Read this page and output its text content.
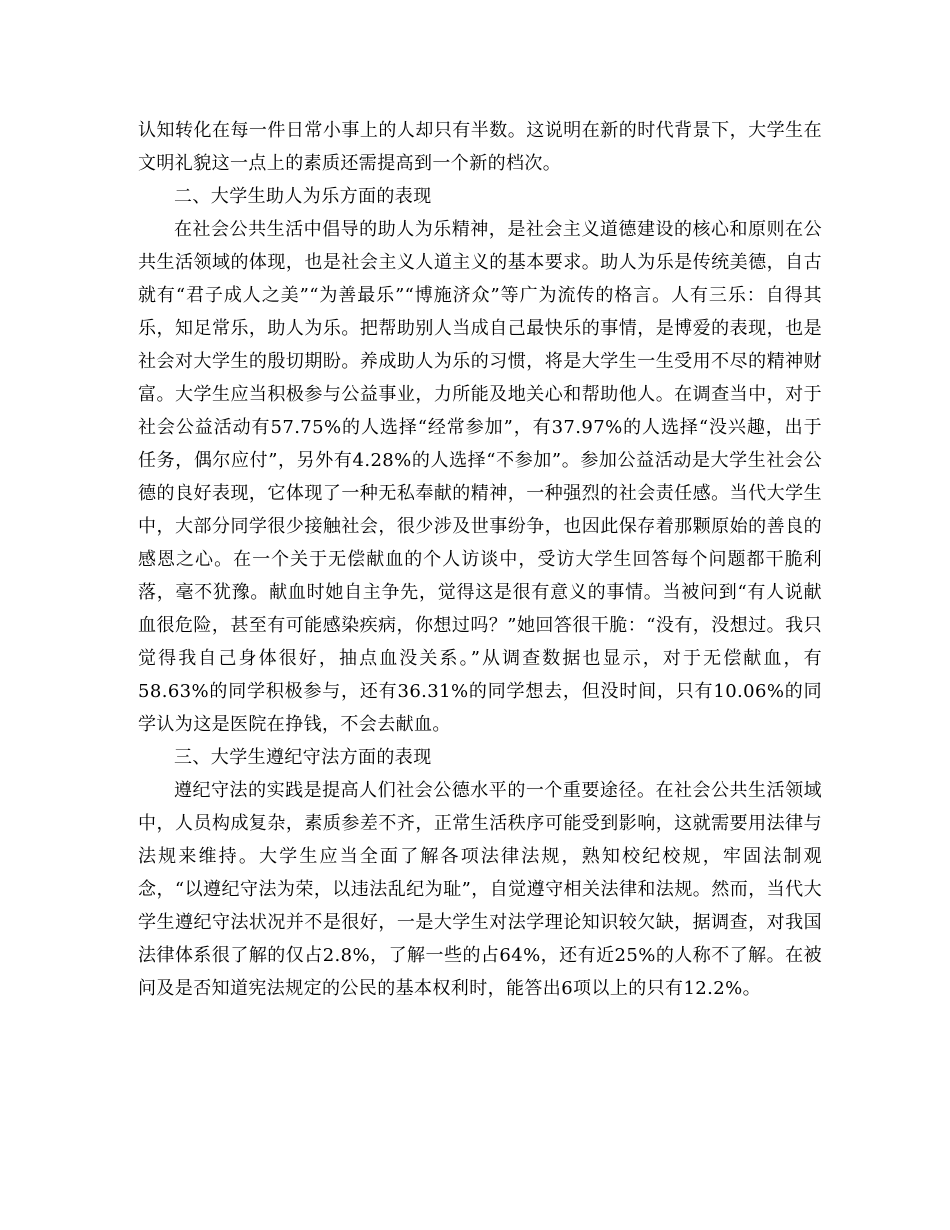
认知转化在每一件日常小事上的人却只有半数。这说明在新的时代背景下，大学生在文明礼貌这一点上的素质还需提高到一个新的档次。

二、大学生助人为乐方面的表现

在社会公共生活中倡导的助人为乐精神，是社会主义道德建设的核心和原则在公共生活领域的体现，也是社会主义人道主义的基本要求。助人为乐是传统美德，自古就有“君子成人之美”“为善最乐”“博施济众”等广为流传的格言。人有三乐：自得其乐，知足常乐，助人为乐。把帮助别人当成自己最快乐的事情，是博爱的表现，也是社会对大学生的殷切期盼。养成助人为乐的习惯，将是大学生一生受用不尽的精神财富。大学生应当积极参与公益事业，力所能及地关心和帮助他人。在调查当中，对于社会公益活动有57.75%的人选择“经常参加”，有37.97%的人选择“没兴趣，出于任务，偶尔应付”，另外有4.28%的人选择“不参加”。参加公益活动是大学生社会公德的良好表现，它体现了一种无私奉献的精神，一种强烈的社会责任感。当代大学生中，大部分同学很少接触社会，很少涉及世事纷争，也因此保存着那颗原始的善良的感恩之心。在一个关于无偿献血的个人访谈中，受访大学生回答每个问题都干脆利落，毫不犹豫。献血时她自主争先，觉得这是很有意义的事情。当被问到“有人说献血很危险，甚至有可能感染疾病，你想过吗？”她回答很干脆：“没有，没想过。我只觉得我自己身体很好，抽点血没关系。”从调查数据也显示，对于无偿献血，有58.63%的同学积极参与，还有36.31%的同学想去，但没时间，只有10.06%的同学认为这是医院在挣钱，不会去献血。

三、大学生遵纪守法方面的表现

遵纪守法的实践是提高人们社会公德水平的一个重要途径。在社会公共生活领域中，人员构成复杂，素质参差不齐，正常生活秩序可能受到影响，这就需要用法律与法规来维持。大学生应当全面了解各项法律法规，熟知校纪校规，牢固法制观念，“以遵纪守法为荣，以违法乱纪为耻”，自觉遵守相关法律和法规。然而，当代大学生遵纪守法状况并不是很好，一是大学生对法学理论知识较欠缺，据调查，对我国法律体系很了解的仅占2.8%，了解一些的占64%，还有近25%的人称不了解。在被问及是否知道宪法规定的公民的基本权利时，能答出6项以上的只有12.2%。
